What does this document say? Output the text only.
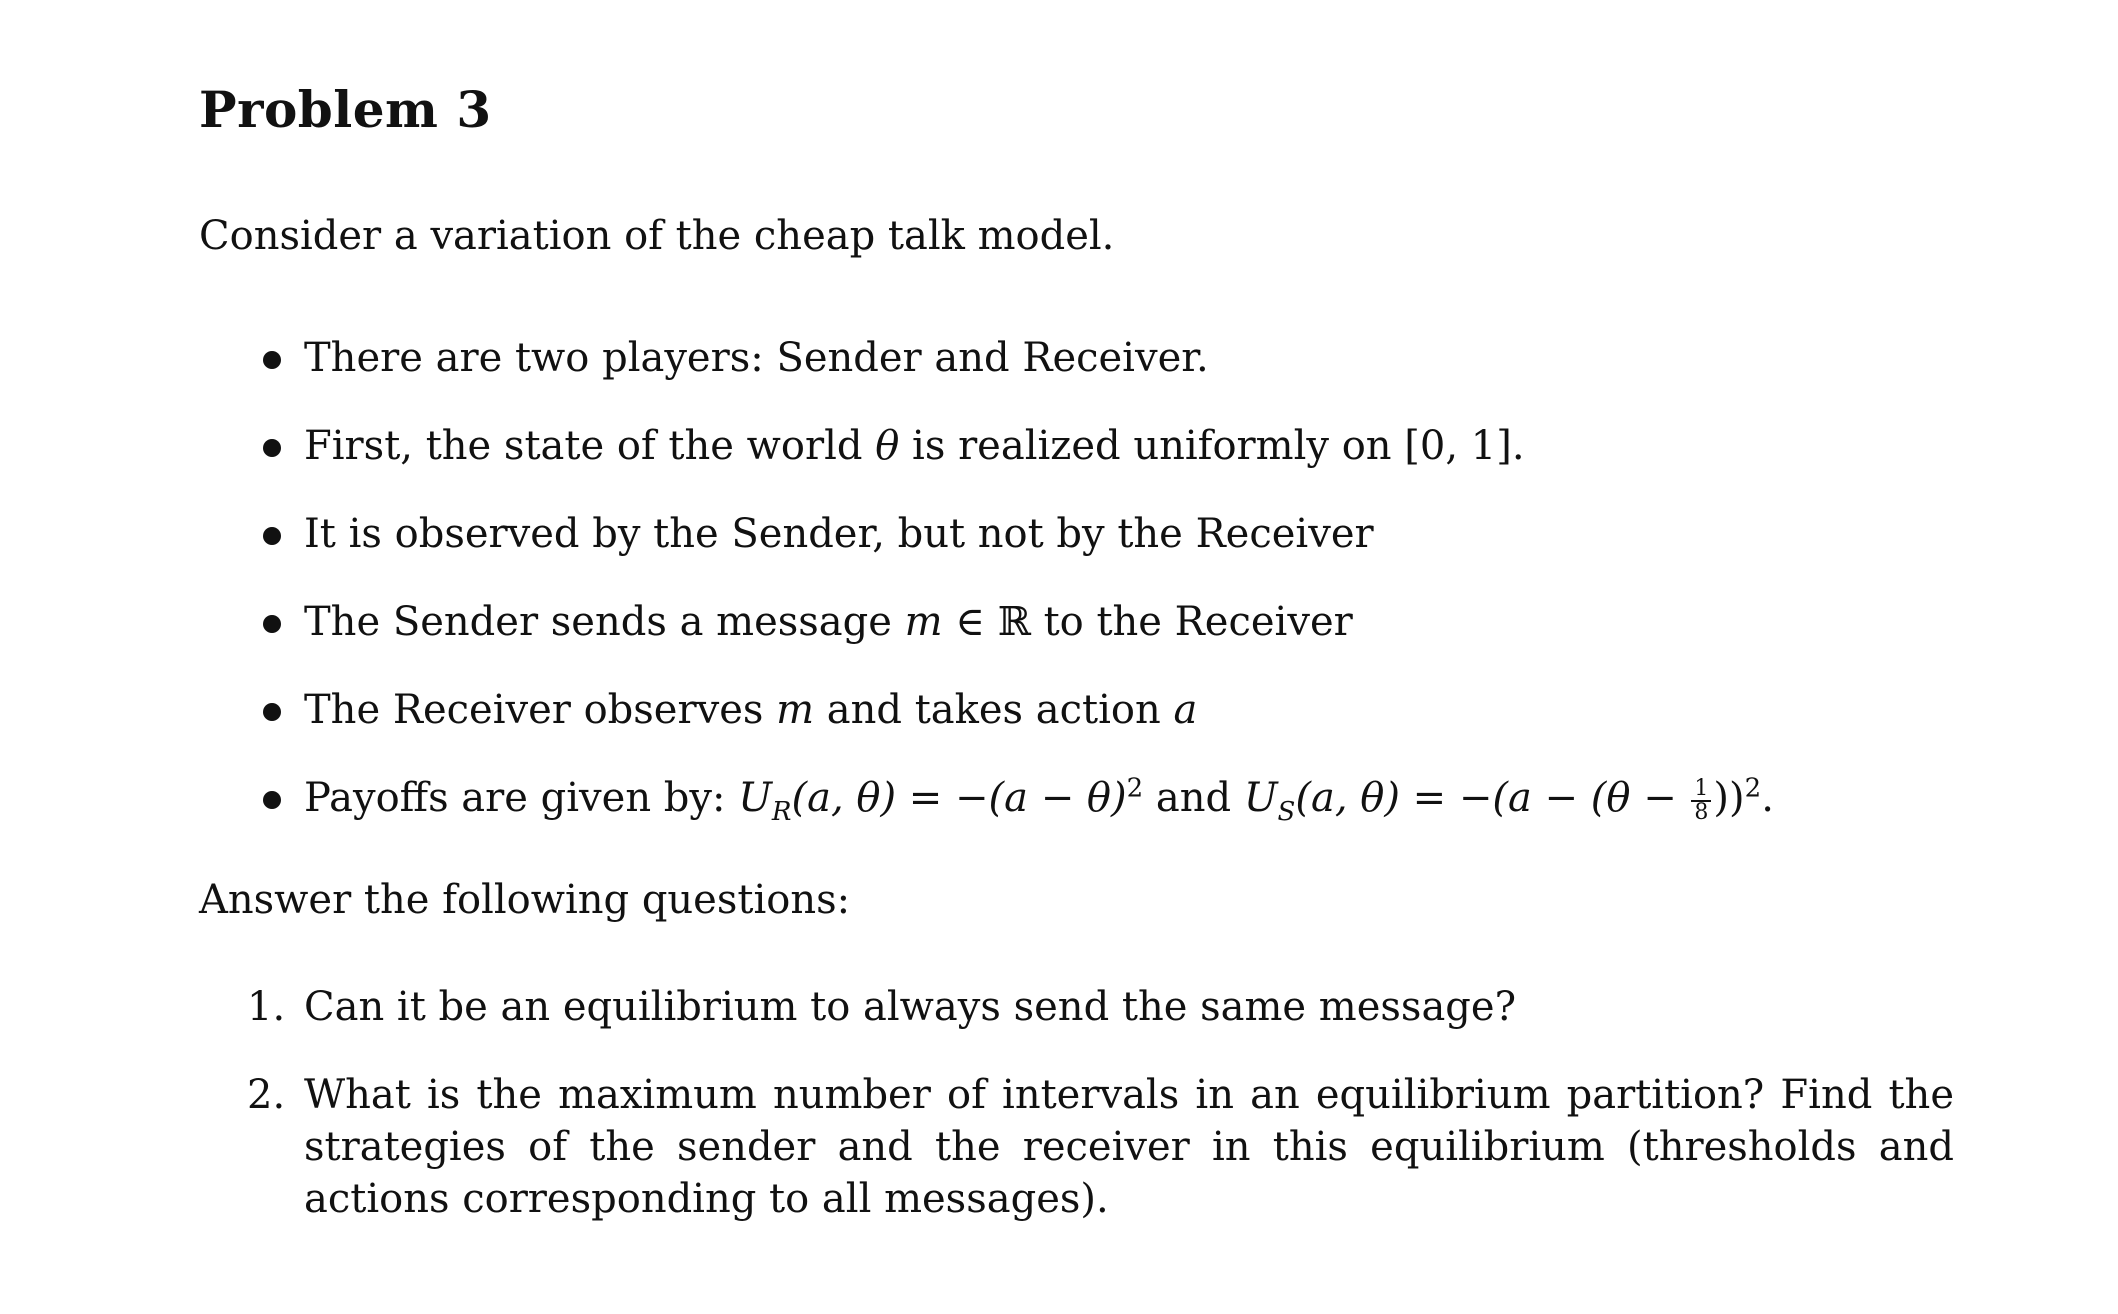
Problem 3
Consider a variation of the cheap talk model.
There are two players: Sender and Receiver.
First, the state of the world θ is realized uniformly on [0, 1].
It is observed by the Sender, but not by the Receiver
The Sender sends a message m ∈ ℝ to the Receiver
The Receiver observes m and takes action a
Payoffs are given by: $U_R(a$, $\theta) = -(a - \theta)^2$ and $U_S(a$, $\theta) = -(a - (\theta - \frac{1}{8} ))^2$.
Answer the following questions:
1. Can it be an equilibrium to always send the same message?
2. What is the maximum number of intervals in an equilibrium partition? Find the strategies of the sender and the receiver in this equilibrium (thresholds and actions corresponding to all messages).
